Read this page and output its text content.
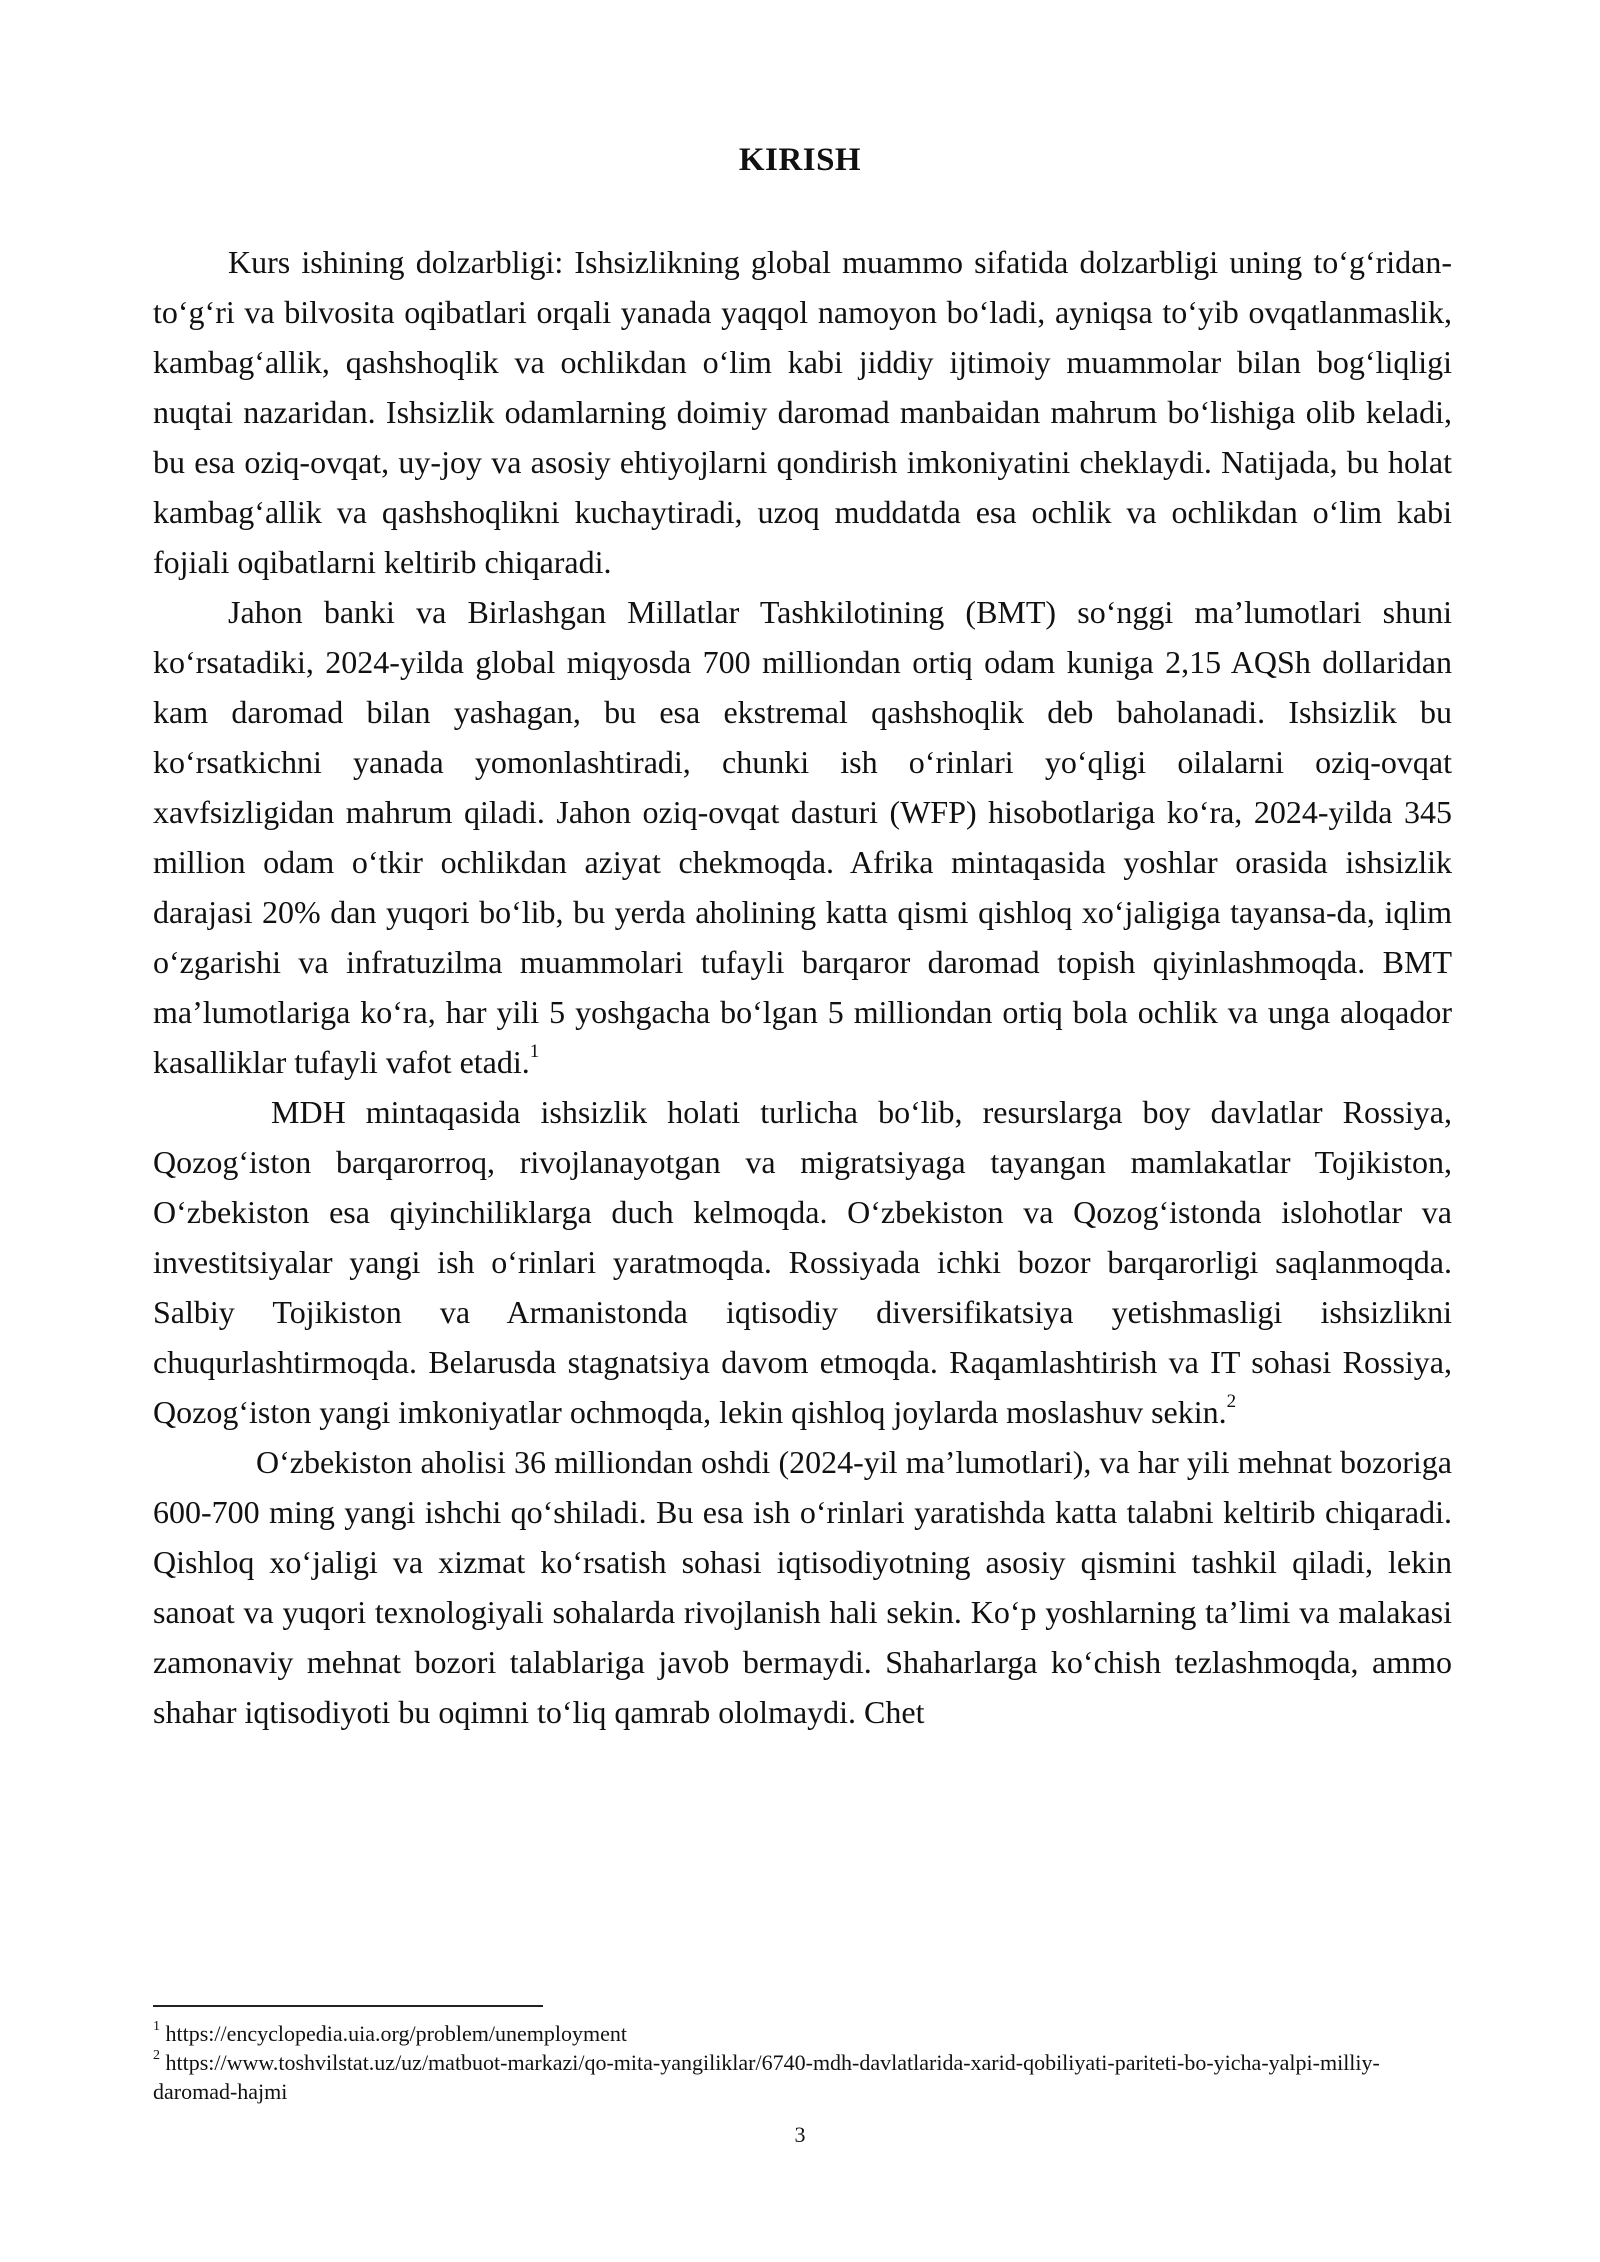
KIRISH

Kurs ishining dolzarbligi: Ishsizlikning global muammo sifatida dolzarbligi uning to‘g‘ridan-to‘g‘ri va bilvosita oqibatlari orqali yanada yaqqol namoyon bo‘ladi, ayniqsa to‘yib ovqatlanmaslik, kambag‘allik, qashshoqlik va ochlikdan o‘lim kabi jiddiy ijtimoiy muammolar bilan bog‘liqligi nuqtai nazaridan. Ishsizlik odamlarning doimiy daromad manbaidan mahrum bo‘lishiga olib keladi, bu esa oziq-ovqat, uy-joy va asosiy ehtiyojlarni qondirish imkoniyatini cheklaydi. Natijada, bu holat kambag‘allik va qashshoqlikni kuchaytiradi, uzoq muddatda esa ochlik va ochlikdan o‘lim kabi fojiali oqibatlarni keltirib chiqaradi.

Jahon banki va Birlashgan Millatlar Tashkilotining (BMT) so‘nggi ma’lumotlari shuni ko‘rsatadiki, 2024-yilda global miqyosda 700 milliondan ortiq odam kuniga 2,15 AQSh dollaridan kam daromad bilan yashagan, bu esa ekstremal qashshoqlik deb baholanadi. Ishsizlik bu ko‘rsatkichni yanada yomonlashtiradi, chunki ish o‘rinlari yo‘qligi oilalarni oziq-ovqat xavfsizligidan mahrum qiladi. Jahon oziq-ovqat dasturi (WFP) hisobotlariga ko‘ra, 2024-yilda 345 million odam o‘tkir ochlikdan aziyat chekmoqda. Afrika mintaqasida yoshlar orasida ishsizlik darajasi 20% dan yuqori bo‘lib, bu yerda aholining katta qismi qishloq xo‘jaligiga tayansa-da, iqlim o‘zgarishi va infratuzilma muammolari tufayli barqaror daromad topish qiyinlashmoqda. BMT ma’lumotlariga ko‘ra, har yili 5 yoshgacha bo‘lgan 5 milliondan ortiq bola ochlik va unga aloqador kasalliklar tufayli vafot etadi.$^1$

MDH mintaqasida ishsizlik holati turlicha bo‘lib, resurslarga boy davlatlar Rossiya, Qozog‘iston barqarorroq, rivojlanayotgan va migratsiyaga tayangan mamlakatlar Tojikiston, O‘zbekiston esa qiyinchiliklarga duch kelmoqda. O‘zbekiston va Qozog‘istonda islohotlar va investitsiyalar yangi ish o‘rinlari yaratmoqda. Rossiyada ichki bozor barqarorligi saqlanmoqda. Salbiy Tojikiston va Armanistonda iqtisodiy diversifikatsiya yetishmasligi ishsizlikni chuqurlashtirmoqda. Belarusda stagnatsiya davom etmoqda. Raqamlashtirish va IT sohasi Rossiya, Qozog‘iston yangi imkoniyatlar ochmoqda, lekin qishloq joylarda moslashuv sekin.$^2$

O‘zbekiston aholisi 36 milliondan oshdi (2024-yil ma’lumotlari), va har yili mehnat bozoriga 600-700 ming yangi ishchi qo‘shiladi. Bu esa ish o‘rinlari yaratishda katta talabni keltirib chiqaradi. Qishloq xo‘jaligi va xizmat ko‘rsatish sohasi iqtisodiyotning asosiy qismini tashkil qiladi, lekin sanoat va yuqori texnologiyali sohalarda rivojlanish hali sekin. Ko‘p yoshlarning ta’limi va malakasi zamonaviy mehnat bozori talablariga javob bermaydi. Shaharlarga ko‘chish tezlashmoqda, ammo shahar iqtisodiyoti bu oqimni to‘liq qamrab ololmaydi. Chet

$^1$ https://encyclopedia.uia.org/problem/unemployment

$^2$ https://www.toshvilstat.uz/uz/matbuot-markazi/qo-mita-yangiliklar/6740-mdh-davlatlarida-xarid-qobiliyati-pariteti-bo-yicha-yalpi-milliy-daromad-hajmi

3
